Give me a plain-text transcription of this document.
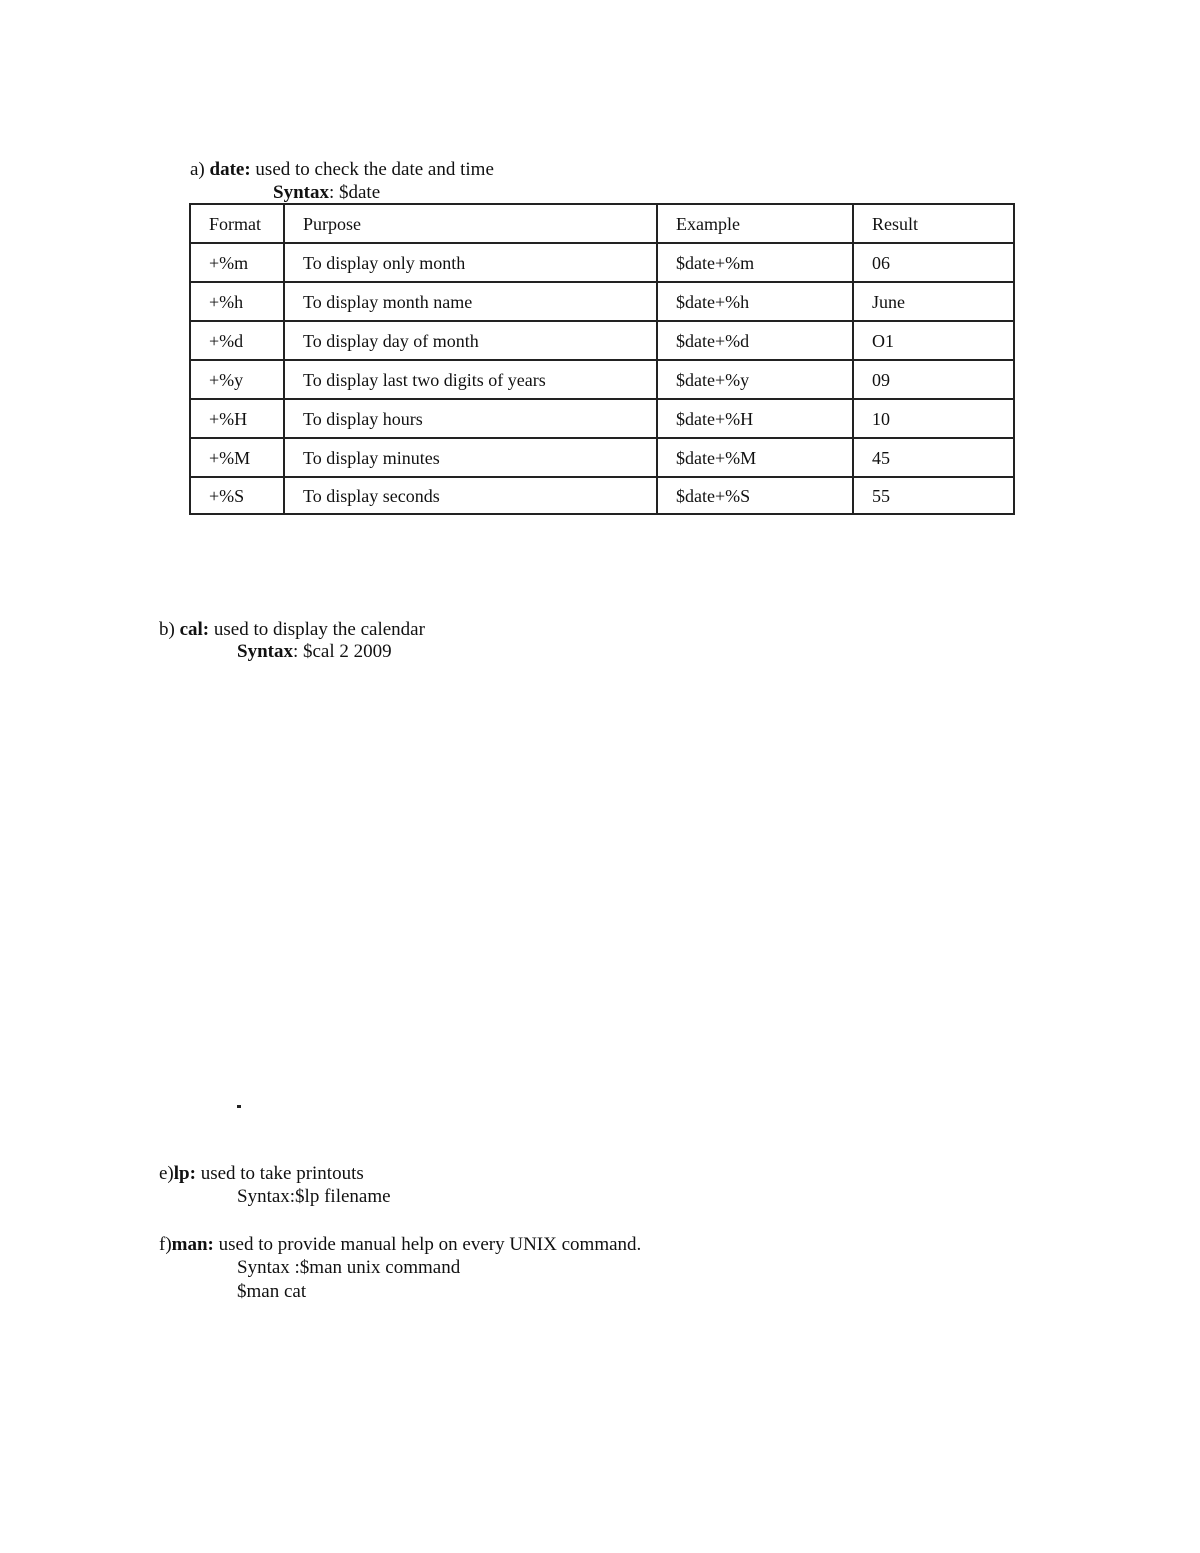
a) date: used to check the date and time
Syntax: $date
Format	Purpose	Example	Result
+%m	To display only month	$date+%m	06
+%h	To display month name	$date+%h	June
+%d	To display day of month	$date+%d	O1
+%y	To display last two digits of years	$date+%y	09
+%H	To display hours	$date+%H	10
+%M	To display minutes	$date+%M	45
+%S	To display seconds	$date+%S	55
b) cal: used to display the calendar
Syntax: $cal 2 2009
e)lp: used to take printouts
Syntax:$lp filename
f)man: used to provide manual help on every UNIX command.
Syntax :$man unix command
$man cat
